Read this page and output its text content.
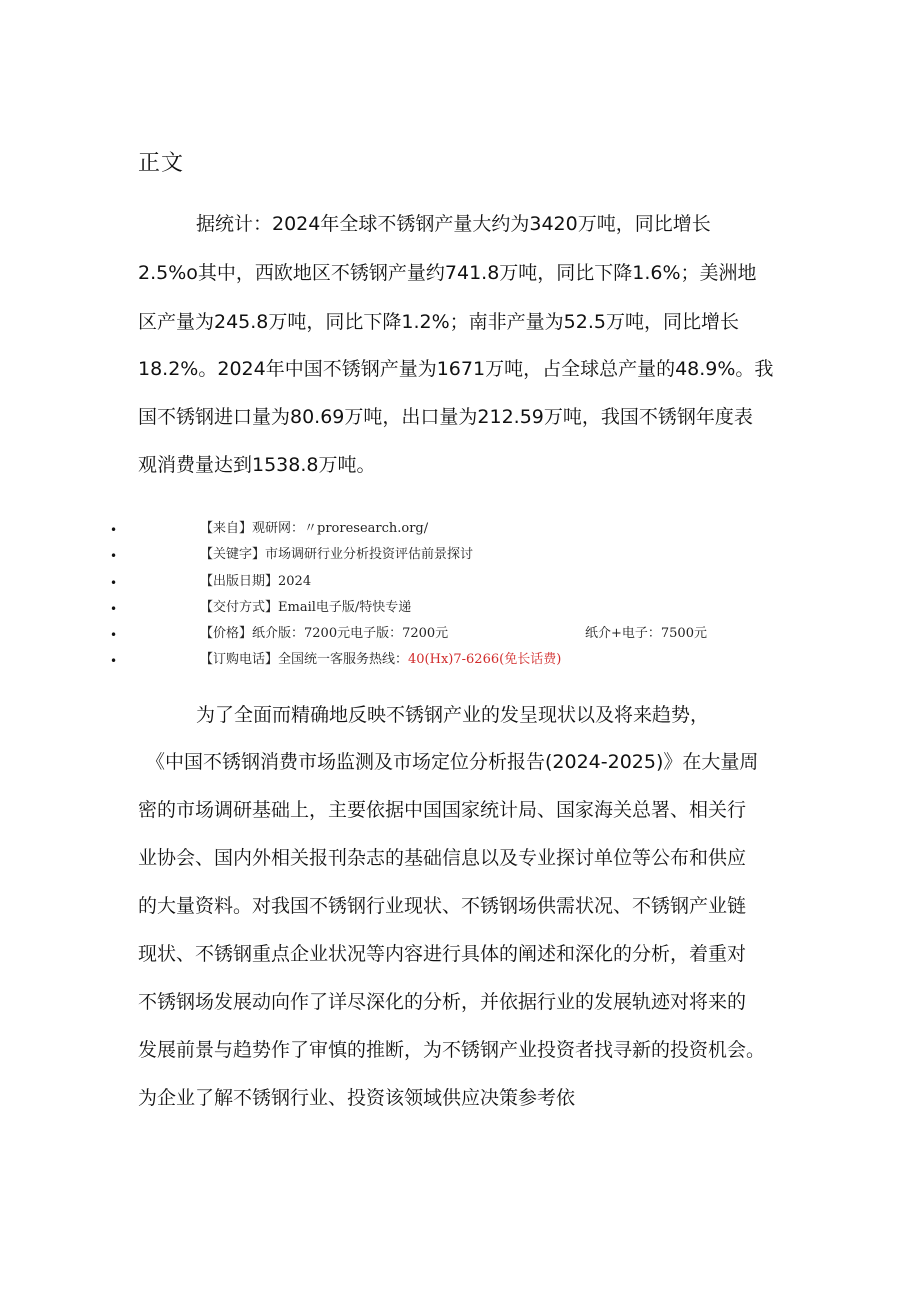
正文
据统计：2024年全球不锈钢产量大约为3420万吨，同比增长
2.5%o其中，西欧地区不锈钢产量约741.8万吨，同比下降1.6%；美洲地
区产量为245.8万吨，同比下降1.2%；南非产量为52.5万吨，同比增长
18.2%。2024年中国不锈钢产量为1671万吨，占全球总产量的48.9%。我
国不锈钢进口量为80.69万吨，出口量为212.59万吨，我国不锈钢年度表
观消费量达到1538.8万吨。
•	【来自】观研网：〃proresearch.org/
•	【关键字】市场调研行业分析投资评估前景探讨
•	【出版日期】2024
•	【交付方式】Email电子版/特快专递
•	【价格】纸介版：7200元电子版：7200元	纸介+电子：7500元
•	【订购电话】全国统一客服务热线：40(Hx)7-6266(免长话费)
为了全面而精确地反映不锈钢产业的发呈现状以及将来趋势，
《中国不锈钢消费市场监测及市场定位分析报告(2024-2025)》在大量周
密的市场调研基础上，主要依据中国国家统计局、国家海关总署、相关行
业协会、国内外相关报刊杂志的基础信息以及专业探讨单位等公布和供应
的大量资料。对我国不锈钢行业现状、不锈钢场供需状况、不锈钢产业链
现状、不锈钢重点企业状况等内容进行具体的阐述和深化的分析，着重对
不锈钢场发展动向作了详尽深化的分析，并依据行业的发展轨迹对将来的
发展前景与趋势作了审慎的推断，为不锈钢产业投资者找寻新的投资机会。
为企业了解不锈钢行业、投资该领域供应决策参考依
